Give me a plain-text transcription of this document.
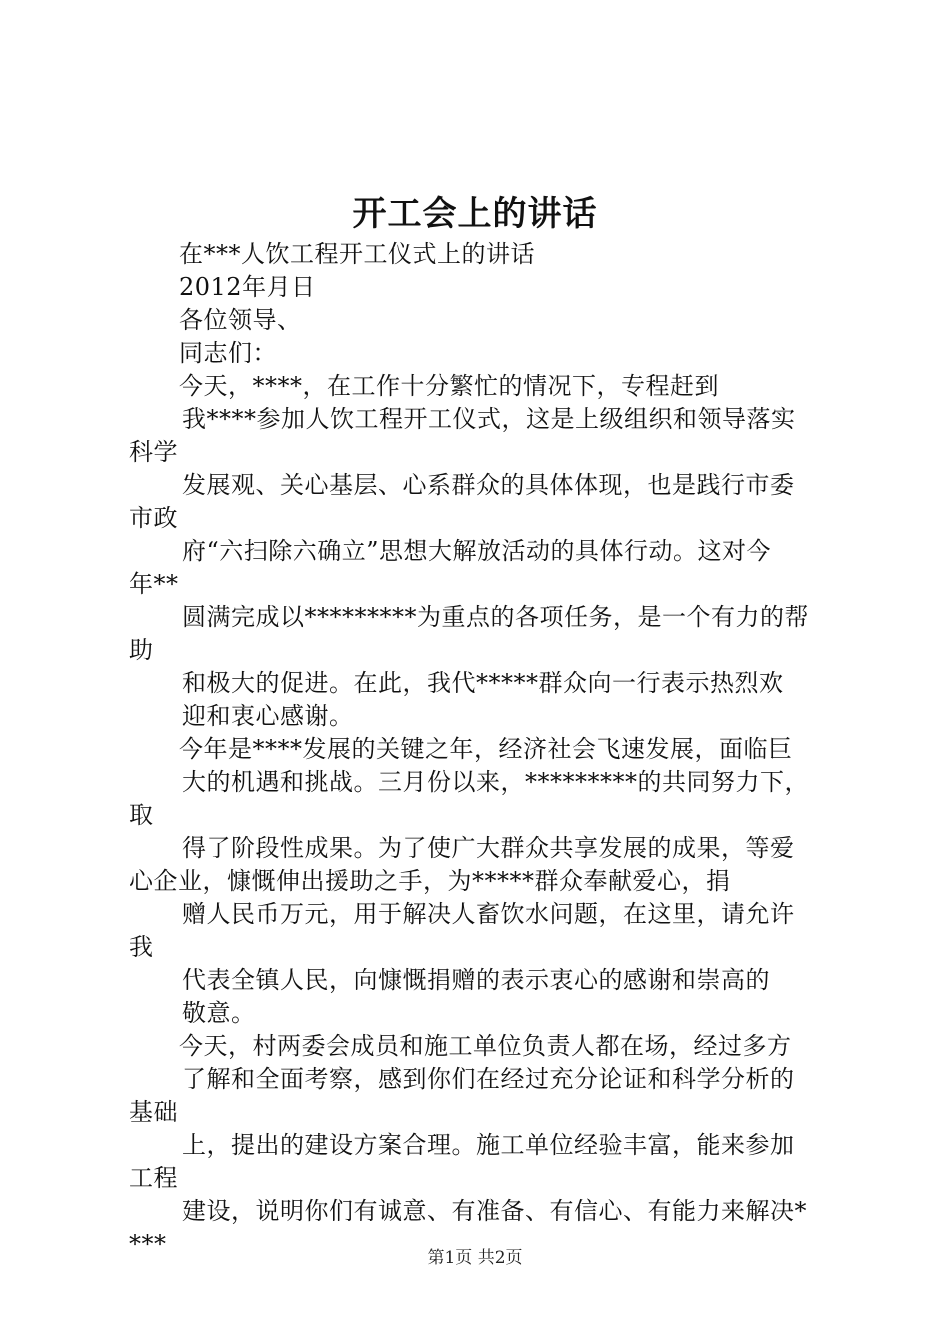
开工会上的讲话
在***人饮工程开工仪式上的讲话
2012年月日
各位领导、
同志们：
今天，****，在工作十分繁忙的情况下，专程赶到
我****参加人饮工程开工仪式，这是上级组织和领导落实
科学
发展观、关心基层、心系群众的具体体现，也是践行市委
市政
府“六扫除六确立”思想大解放活动的具体行动。这对今
年**
圆满完成以*********为重点的各项任务，是一个有力的帮
助
和极大的促进。在此，我代*****群众向一行表示热烈欢
迎和衷心感谢。
今年是****发展的关键之年，经济社会飞速发展，面临巨
大的机遇和挑战。三月份以来，*********的共同努力下，
取
得了阶段性成果。为了使广大群众共享发展的成果，等爱
心企业，慷慨伸出援助之手，为*****群众奉献爱心，捐
赠人民币万元，用于解决人畜饮水问题，在这里，请允许
我
代表全镇人民，向慷慨捐赠的表示衷心的感谢和崇高的
敬意。
今天，村两委会成员和施工单位负责人都在场，经过多方
了解和全面考察，感到你们在经过充分论证和科学分析的
基础
上，提出的建设方案合理。施工单位经验丰富，能来参加
工程
建设，说明你们有诚意、有准备、有信心、有能力来解决*
***	第1页 共2页
